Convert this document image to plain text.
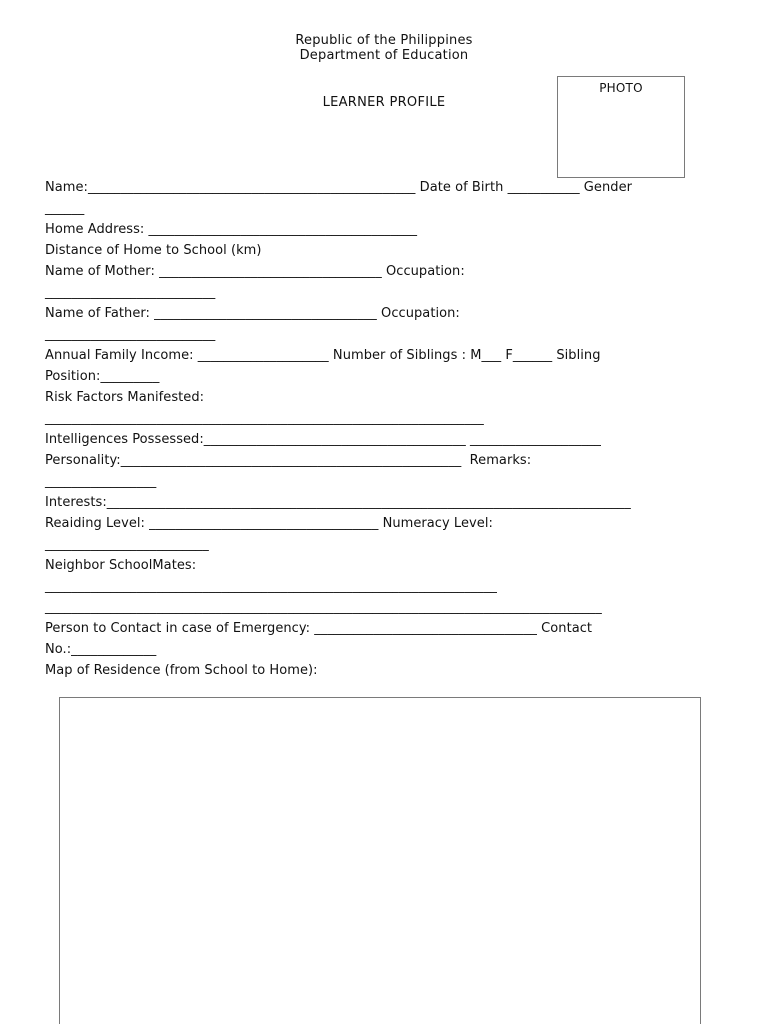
Republic of the Philippines
Department of Education
LEARNER PROFILE
PHOTO
Name:__________________________________________________ Date of Birth ___________ Gender
______
Home Address: _________________________________________
Distance of Home to School (km)
Name of Mother: __________________________________ Occupation:
__________________________
Name of Father: __________________________________ Occupation:
__________________________
Annual Family Income: ____________________ Number of Siblings : M___ F______ Sibling
Position:_________
Risk Factors Manifested:
___________________________________________________________________
Intelligences Possessed:________________________________________ ____________________
Personality:____________________________________________________  Remarks:
_________________
Interests:________________________________________________________________________________
Reaiding Level: ___________________________________ Numeracy Level:
_________________________
Neighbor SchoolMates:
_____________________________________________________________________
_____________________________________________________________________________________
Person to Contact in case of Emergency: __________________________________ Contact
No.:_____________
Map of Residence (from School to Home):
